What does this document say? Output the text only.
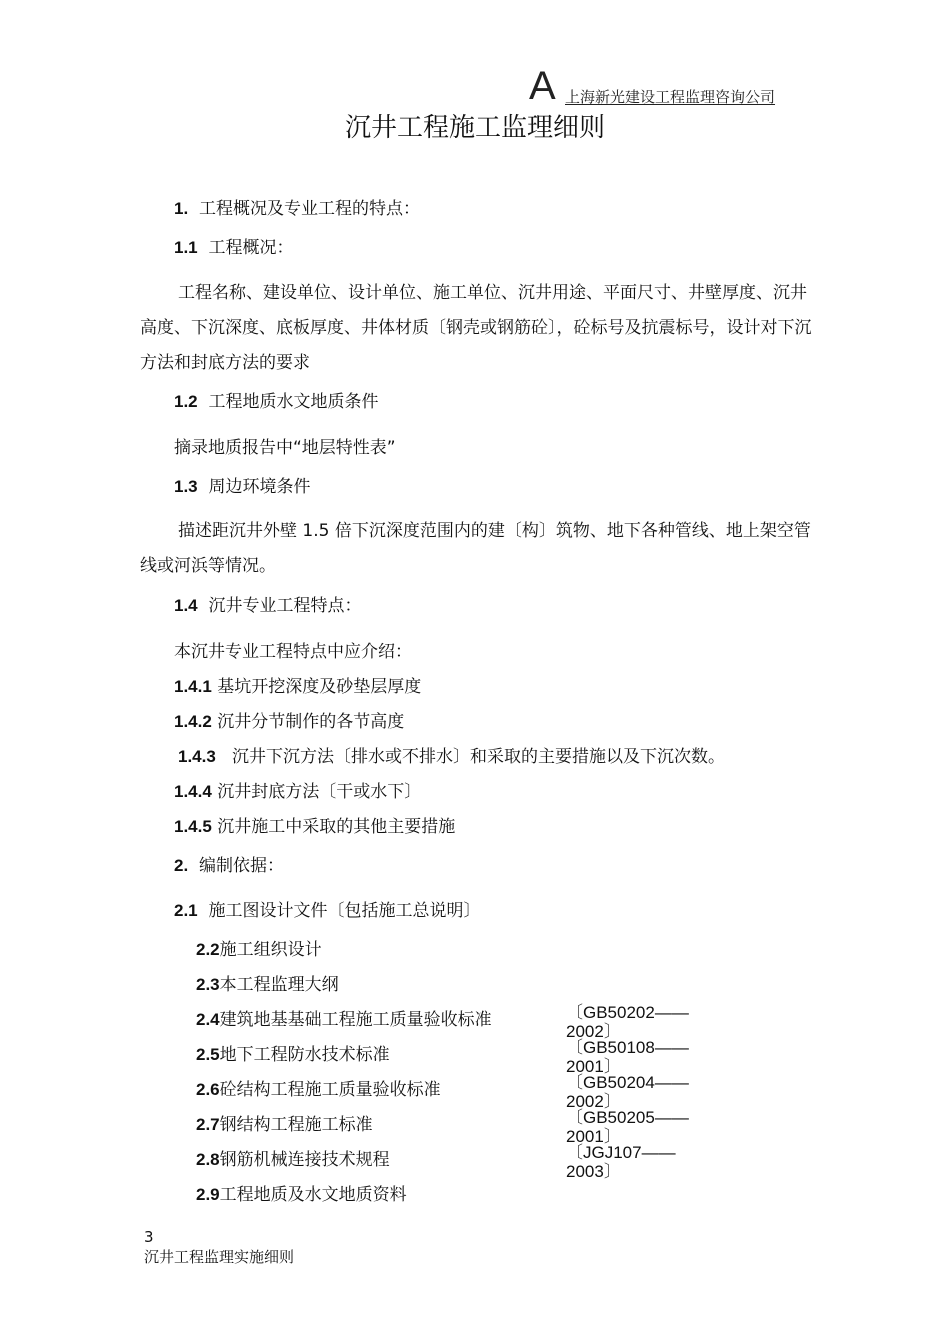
A 上海新光建设工程监理咨询公司
沉井工程施工监理细则
1. 工程概况及专业工程的特点：
1.1 工程概况：
工程名称、建设单位、设计单位、施工单位、沉井用途、平面尺寸、井壁厚度、沉井高度、下沉深度、底板厚度、井体材质〔钢壳或钢筋砼〕，砼标号及抗震标号，设计对下沉方法和封底方法的要求
1.2 工程地质水文地质条件
摘录地质报告中“地层特性表”
1.3 周边环境条件
描述距沉井外壁 1.5 倍下沉深度范围内的建〔构〕筑物、地下各种管线、地上架空管线或河浜等情况。
1.4 沉井专业工程特点：
本沉井专业工程特点中应介绍：
1.4.1 基坑开挖深度及砂垫层厚度
1.4.2 沉井分节制作的各节高度
1.4.3 沉井下沉方法〔排水或不排水〕和采取的主要措施以及下沉次数。
1.4.4 沉井封底方法〔干或水下〕
1.4.5 沉井施工中采取的其他主要措施
2. 编制依据：
2.1 施工图设计文件〔包括施工总说明〕
2.2施工组织设计
2.3本工程监理大纲
2.4建筑地基基础工程施工质量验收标准
2.5地下工程防水技术标准
2.6砼结构工程施工质量验收标准
2.7钢结构工程施工标准
2.8钢筋机械连接技术规程
2.9工程地质及水文地质资料
〔GB50202——2002〕
〔GB50108——2001〕
〔GB50204——2002〕
〔GB50205——2001〕
〔JGJ107——2003〕
3
沉井工程监理实施细则
